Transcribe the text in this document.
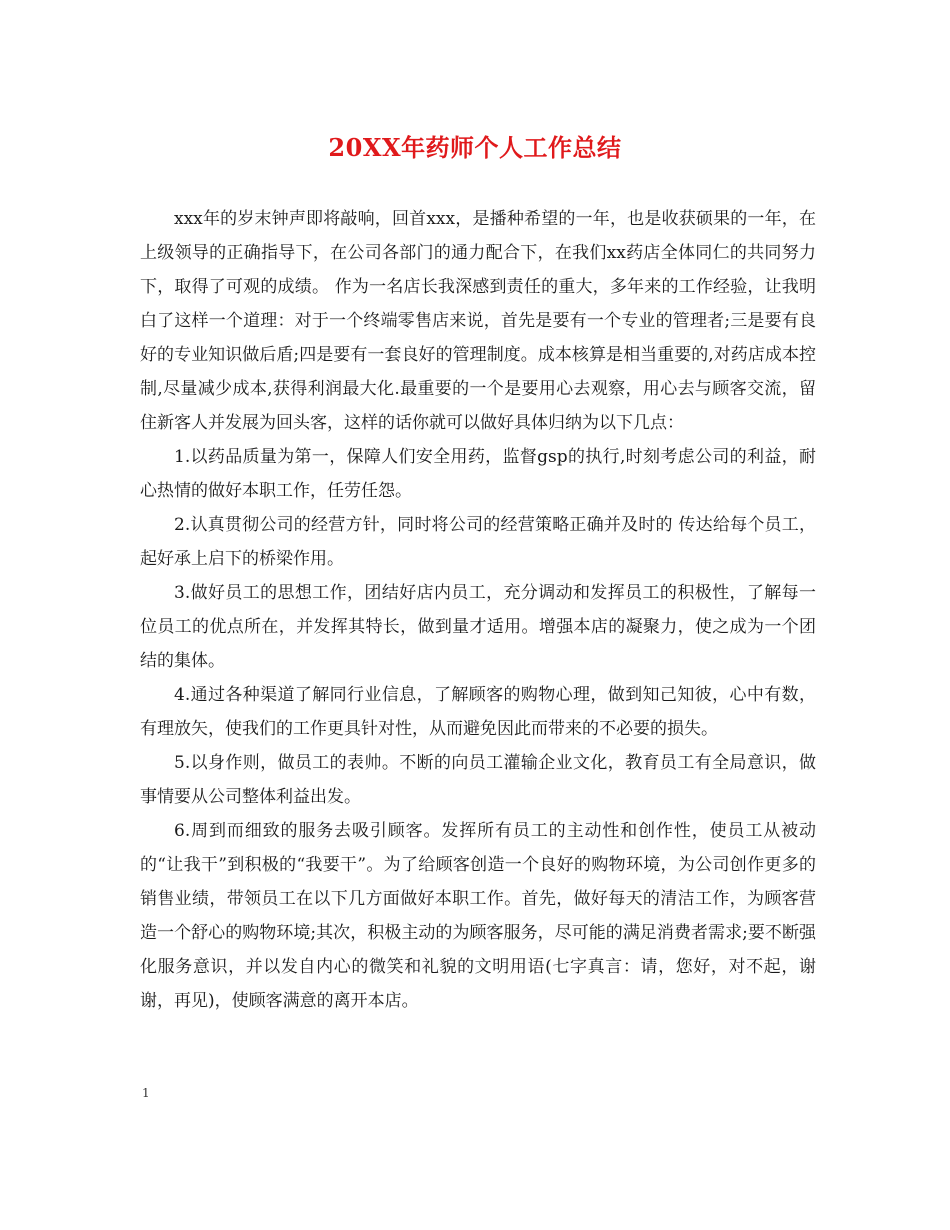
20XX年药师个人工作总结

xxx年的岁末钟声即将敲响，回首xxx，是播种希望的一年，也是收获硕果的一年，在上级领导的正确指导下，在公司各部门的通力配合下，在我们xx药店全体同仁的共同努力下，取得了可观的成绩。 作为一名店长我深感到责任的重大，多年来的工作经验，让我明白了这样一个道理：对于一个终端零售店来说，首先是要有一个专业的管理者;三是要有良好的专业知识做后盾;四是要有一套良好的管理制度。成本核算是相当重要的,对药店成本控制,尽量减少成本,获得利润最大化.最重要的一个是要用心去观察，用心去与顾客交流，留住新客人并发展为回头客，这样的话你就可以做好具体归纳为以下几点：

1.以药品质量为第一，保障人们安全用药，监督gsp的执行,时刻考虑公司的利益，耐心热情的做好本职工作，任劳任怨。

2.认真贯彻公司的经营方针，同时将公司的经营策略正确并及时的 传达给每个员工，起好承上启下的桥梁作用。

3.做好员工的思想工作，团结好店内员工，充分调动和发挥员工的积极性，了解每一位员工的优点所在，并发挥其特长，做到量才适用。增强本店的凝聚力，使之成为一个团结的集体。

4.通过各种渠道了解同行业信息，了解顾客的购物心理，做到知己知彼，心中有数，有理放矢，使我们的工作更具针对性，从而避免因此而带来的不必要的损失。

5.以身作则，做员工的表帅。不断的向员工灌输企业文化，教育员工有全局意识，做事情要从公司整体利益出发。

6.周到而细致的服务去吸引顾客。发挥所有员工的主动性和创作性，使员工从被动的“让我干”到积极的“我要干”。为了给顾客创造一个良好的购物环境，为公司创作更多的销售业绩，带领员工在以下几方面做好本职工作。首先，做好每天的清洁工作，为顾客营造一个舒心的购物环境;其次，积极主动的为顾客服务，尽可能的满足消费者需求;要不断强化服务意识，并以发自内心的微笑和礼貌的文明用语(七字真言：请，您好，对不起，谢谢，再见)，使顾客满意的离开本店。

1
